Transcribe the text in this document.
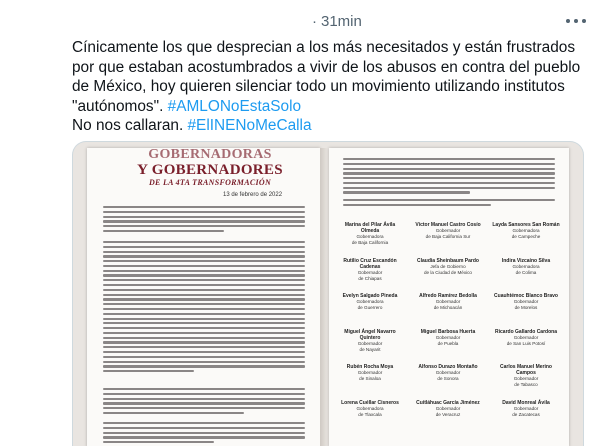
· 31min
Cínicamente los que desprecian a los más necesitados y están frustrados por que estaban acostumbrados a vivir de los abusos en contra del pueblo de México, hoy quieren silenciar todo un movimiento utilizando institutos "autónomos". #AMLONoEstaSolo
No nos callaran. #ElINENoMeCalla
GOBERNADORAS
Y GOBERNADORES
DE LA 4TA TRANSFORMACIÓN
13 de febrero de 2022
Marina del Pilar Ávila Olmeda
Gobernadora
de Baja California
Víctor Manuel Castro Cosío
Gobernador
de Baja California Sur
Layda Sansores San Román
Gobernadora
de Campeche
Rutilio Cruz Escandón Cadenas
Gobernador
de Chiapas
Claudia Sheinbaum Pardo
Jefa de Gobierno
de la Ciudad de México
Indira Vizcaíno Silva
Gobernadora
de Colima
Evelyn Salgado Pineda
Gobernadora
de Guerrero
Alfredo Ramírez Bedolla
Gobernador
de Michoacán
Cuauhtémoc Blanco Bravo
Gobernador
de Morelos
Miguel Ángel Navarro Quintero
Gobernador
de Nayarit
Miguel Barbosa Huerta
Gobernador
de Puebla
Ricardo Gallardo Cardona
Gobernador
de San Luis Potosí
Rubén Rocha Moya
Gobernador
de Sinaloa
Alfonso Durazo Montaño
Gobernador
de Sonora
Carlos Manuel Merino Campos
Gobernador
de Tabasco
Lorena Cuéllar Cisneros
Gobernadora
de Tlaxcala
Cuitláhuac García Jiménez
Gobernador
de Veracruz
David Monreal Ávila
Gobernador
de Zacatecas
